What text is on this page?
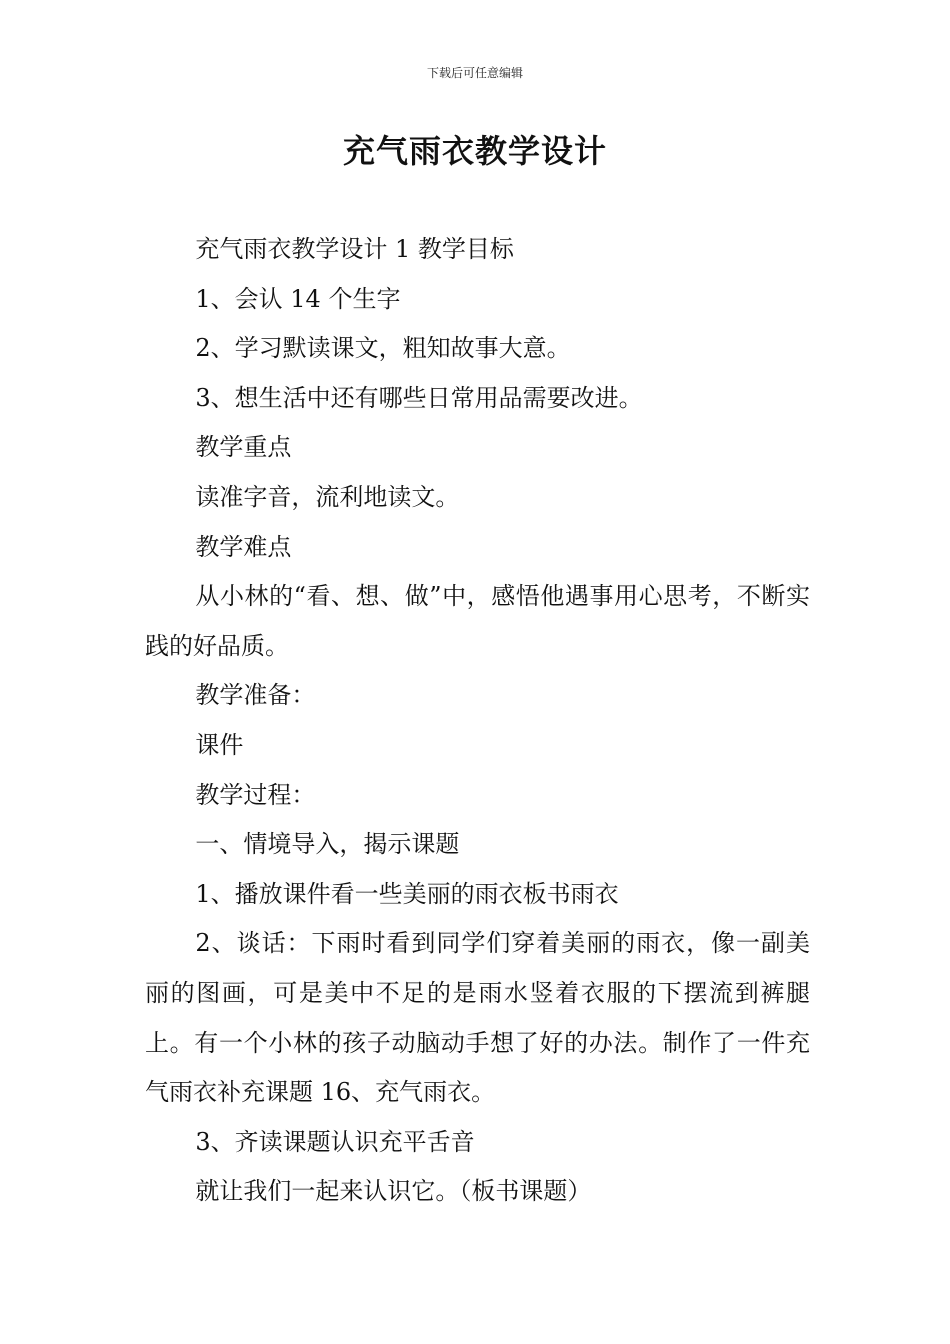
下载后可任意编辑
充气雨衣教学设计

充气雨衣教学设计 1 教学目标

1、会认 14 个生字

2、学习默读课文，粗知故事大意。

3、想生活中还有哪些日常用品需要改进。

教学重点

读准字音，流利地读文。

教学难点

从小林的“看、想、做”中，感悟他遇事用心思考，不断实践的好品质。

教学准备：

课件

教学过程：

一、情境导入，揭示课题

1、播放课件看一些美丽的雨衣板书雨衣

2、谈话：下雨时看到同学们穿着美丽的雨衣，像一副美丽的图画，可是美中不足的是雨水竖着衣服的下摆流到裤腿上。有一个小林的孩子动脑动手想了好的办法。制作了一件充气雨衣补充课题 16、充气雨衣。

3、齐读课题认识充平舌音

就让我们一起来认识它。（板书课题）
